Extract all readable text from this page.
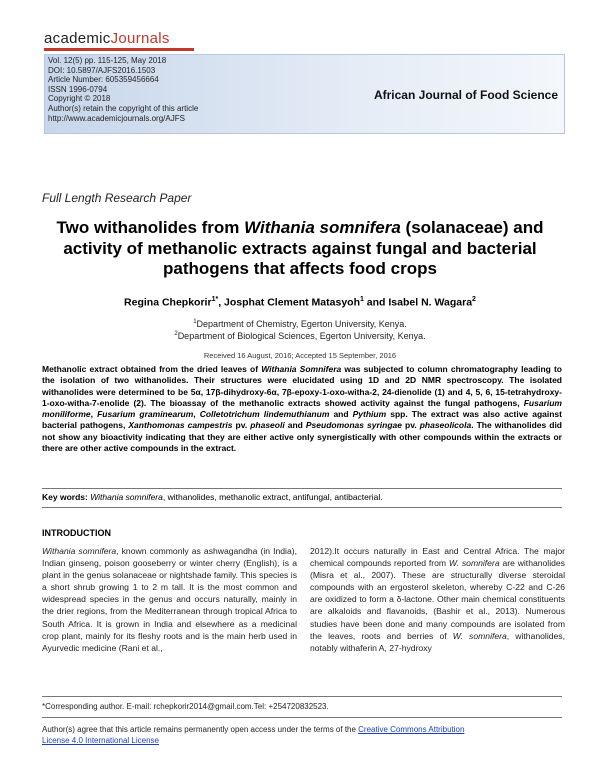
academicJournals
Vol. 12(5) pp. 115-125, May 2018
DOI: 10.5897/AJFS2016.1503
Article Number: 605359456664
ISSN 1996-0794
Copyright © 2018
Author(s) retain the copyright of this article
http://www.academicjournals.org/AJFS
African Journal of Food Science
Full Length Research Paper
Two withanolides from Withania somnifera (solanaceae) and activity of methanolic extracts against fungal and bacterial pathogens that affects food crops
Regina Chepkorir$^{1*}$, Josphat Clement Matasyoh$^1$ and Isabel N. Wagara$^2$
$^1$Department of Chemistry, Egerton University, Kenya.
$^2$Department of Biological Sciences, Egerton University, Kenya.
Received 16 August, 2016; Accepted 15 September, 2016
Methanolic extract obtained from the dried leaves of Withania Somnifera was subjected to column chromatography leading to the isolation of two withanolides. Their structures were elucidated using 1D and 2D NMR spectroscopy. The isolated withanolides were determined to be 5α, 17β-dihydroxy-6α, 7β-epoxy-1-oxo-witha-2, 24-dienolide (1) and 4, 5, 6, 15-tetrahydroxy-1-oxo-witha-7-enolide (2). The bioassay of the methanolic extracts showed activity against the fungal pathogens, Fusarium moniliforme, Fusarium graminearum, Colletotrichum lindemuthianum and Pythium spp. The extract was also active against bacterial pathogens, Xanthomonas campestris pv. phaseoli and Pseudomonas syringae pv. phaseolicola. The withanolides did not show any bioactivity indicating that they are either active only synergistically with other compounds within the extracts or there are other active compounds in the extract.
Key words: Withania somnifera, withanolides, methanolic extract, antifungal, antibacterial.
INTRODUCTION
Withania somnifera, known commonly as ashwagandha (in India), Indian ginseng, poison gooseberry or winter cherry (English), is a plant in the genus solanaceae or nightshade family. This species is a short shrub growing 1 to 2 m tall. It is the most common and widespread species in the genus and occurs naturally, mainly in the drier regions, from the Mediterranean through tropical Africa to South Africa. It is grown in India and elsewhere as a medicinal crop plant, mainly for its fleshy roots and is the main herb used in Ayurvedic medicine (Rani et al.,
2012).It occurs naturally in East and Central Africa. The major chemical compounds reported from W. somnifera are withanolides (Misra et al., 2007). These are structurally diverse steroidal compounds with an ergosterol skeleton, whereby C-22 and C-26 are oxidized to form a δ-lactone. Other main chemical constituents are alkaloids and flavanoids, (Bashir et al., 2013). Numerous studies have been done and many compounds are isolated from the leaves, roots and berries of W. somnifera, withanolides, notably withaferin A, 27-hydroxy
*Corresponding author. E-mail: rchepkorir2014@gmail.com.Tel: +254720832523.
Author(s) agree that this article remains permanently open access under the terms of the Creative Commons Attribution
License 4.0 International License
